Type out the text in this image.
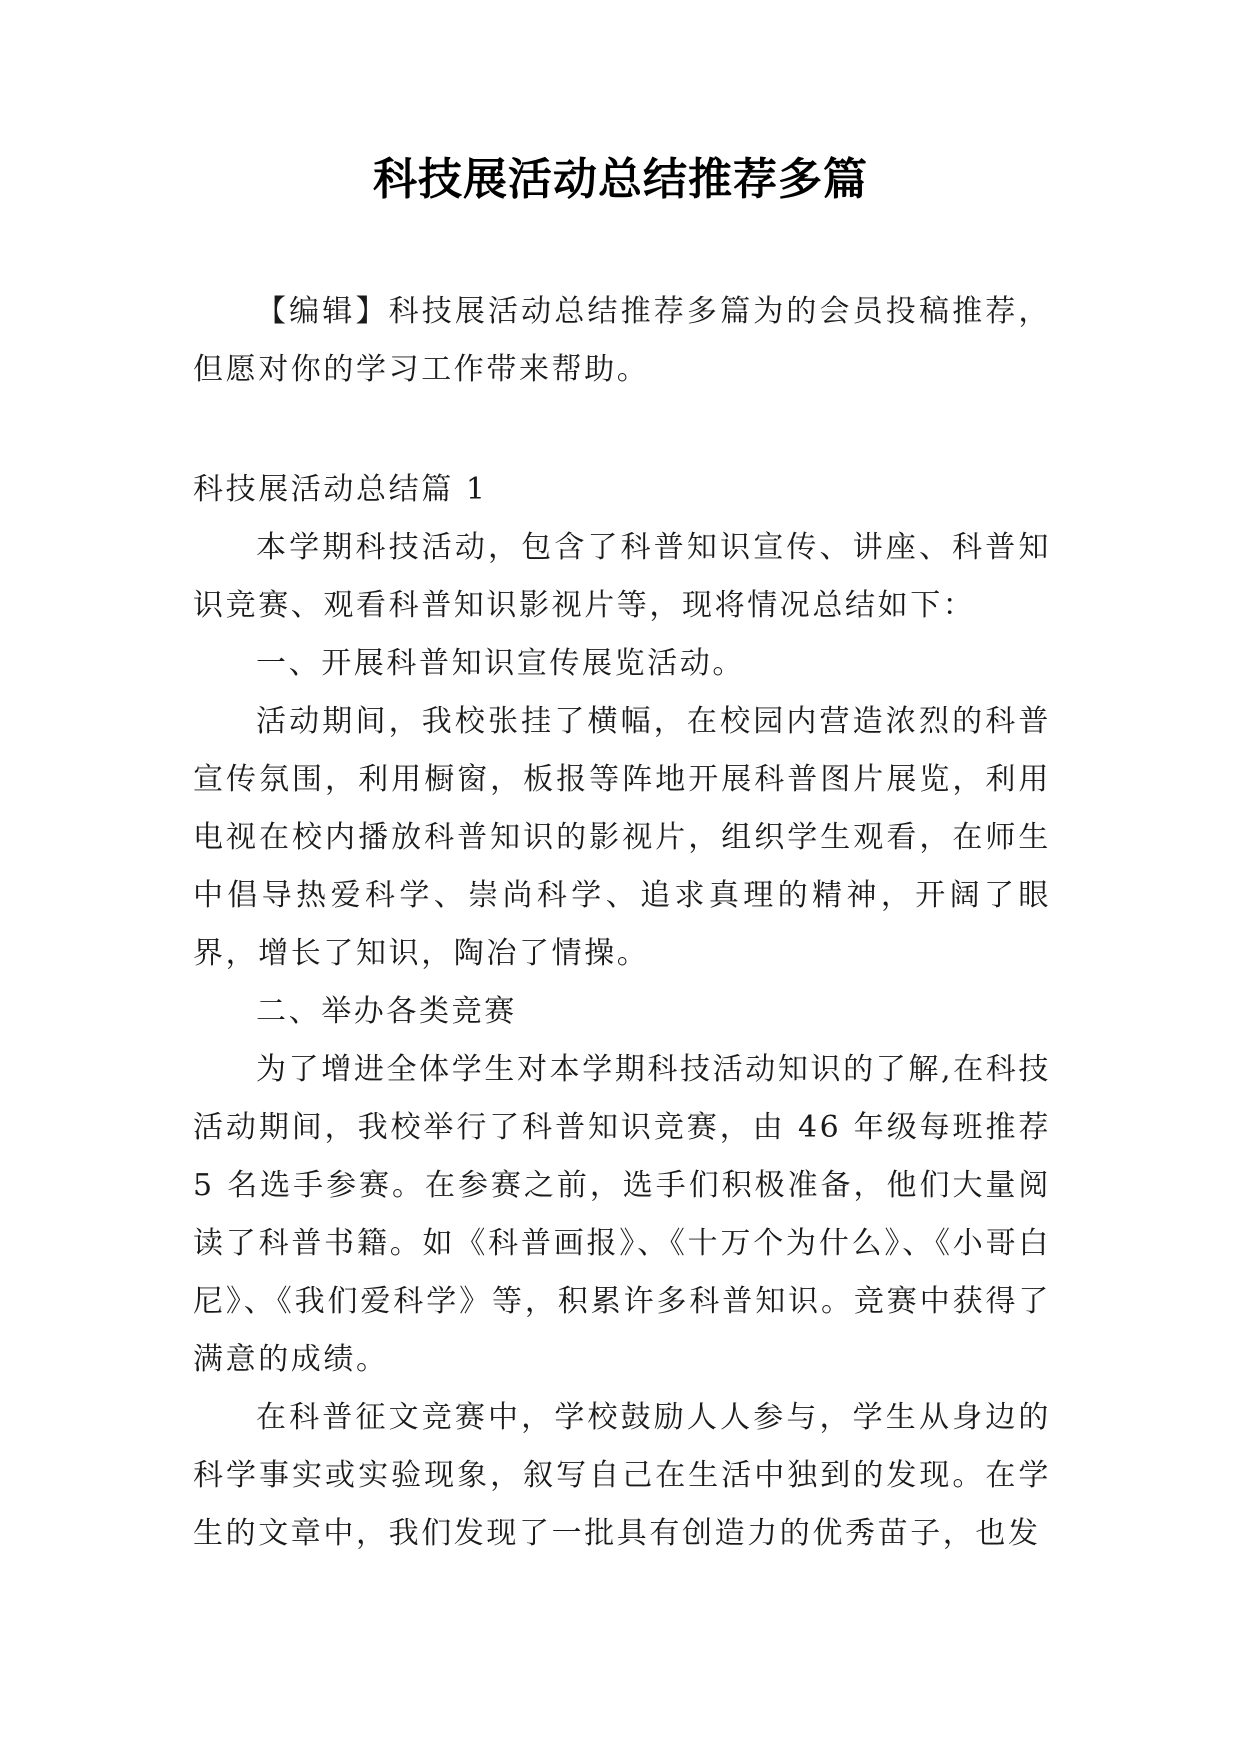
科技展活动总结推荐多篇

【编辑】科技展活动总结推荐多篇为的会员投稿推荐，但愿对你的学习工作带来帮助。

科技展活动总结篇 1

本学期科技活动，包含了科普知识宣传、讲座、科普知识竞赛、观看科普知识影视片等，现将情况总结如下：

一、开展科普知识宣传展览活动。

活动期间，我校张挂了横幅，在校园内营造浓烈的科普宣传氛围，利用橱窗，板报等阵地开展科普图片展览，利用电视在校内播放科普知识的影视片，组织学生观看，在师生中倡导热爱科学、崇尚科学、追求真理的精神，开阔了眼界，增长了知识，陶冶了情操。

二、举办各类竞赛

为了增进全体学生对本学期科技活动知识的了解,在科技活动期间，我校举行了科普知识竞赛，由 46 年级每班推荐 5 名选手参赛。在参赛之前，选手们积极准备，他们大量阅读了科普书籍。如《科普画报》、《十万个为什么》、《小哥白尼》、《我们爱科学》等，积累许多科普知识。竞赛中获得了满意的成绩。

在科普征文竞赛中，学校鼓励人人参与，学生从身边的科学事实或实验现象，叙写自己在生活中独到的发现。在学生的文章中，我们发现了一批具有创造力的优秀苗子，也发
